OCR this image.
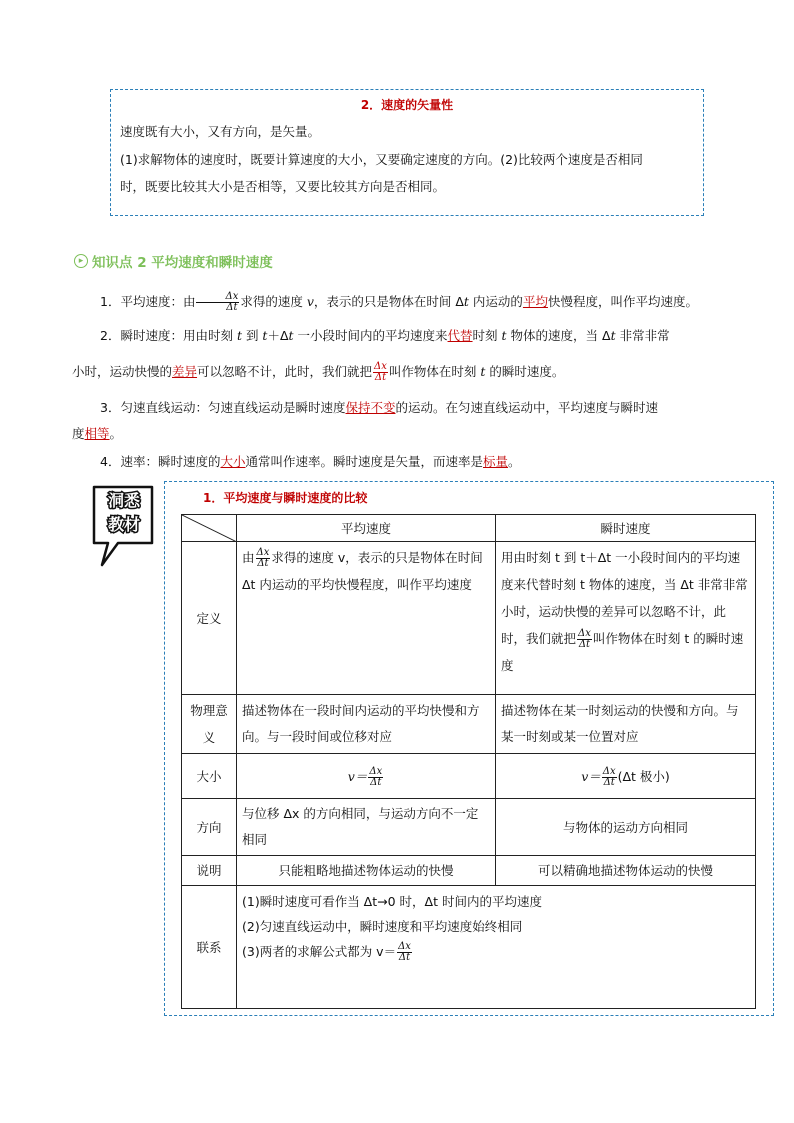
2．速度的矢量性
速度既有大小，又有方向，是矢量。
(1)求解物体的速度时，既要计算速度的大小，又要确定速度的方向。(2)比较两个速度是否相同
时，既要比较其大小是否相等，又要比较其方向是否相同。
▸ 知识点 2 平均速度和瞬时速度
1．平均速度：由 $\frac{\Delta x}{\Delta t}$ 求得的速度 v，表示的只是物体在时间 Δt 内运动的平均快慢程度，叫作平均速度。
2．瞬时速度：用由时刻 t 到 t＋Δt 一小段时间内的平均速度来代替时刻 t 物体的速度，当 Δt 非常非常
小时，运动快慢的差异可以忽略不计，此时，我们就把 $\frac{\Delta x}{\Delta t}$ 叫作物体在时刻 t 的瞬时速度。
3．匀速直线运动：匀速直线运动是瞬时速度保持不变的运动。在匀速直线运动中，平均速度与瞬时速
度相等。
4．速率：瞬时速度的大小通常叫作速率。瞬时速度是矢量，而速率是标量。
洞悉
教材
1．平均速度与瞬时速度的比较
	平均速度	瞬时速度
定义	由 $\frac{\Delta x}{\Delta t}$ 求得的速度 v，表示的只是物体在时间 Δt 内运动的平均快慢程度，叫作平均速度	用由时刻 t 到 t＋Δt 一小段时间内的平均速度来代替时刻 t 物体的速度，当 Δt 非常非常小时，运动快慢的差异可以忽略不计，此时，我们就把 $\frac{\Delta x}{\Delta t}$ 叫作物体在时刻 t 的瞬时速度
物理意义	描述物体在一段时间内运动的平均快慢和方向。与一段时间或位移对应	描述物体在某一时刻运动的快慢和方向。与某一时刻或某一位置对应
大小	$v= \frac{\Delta x}{\Delta t}$	$v= \frac{\Delta x}{\Delta t} (\Delta t$ 极小)
方向	与位移 Δx 的方向相同，与运动方向不一定相同	与物体的运动方向相同
说明	只能粗略地描述物体运动的快慢	可以精确地描述物体运动的快慢
联系	(1)瞬时速度可看作当 Δt→0 时，Δt 时间内的平均速度
(2)匀速直线运动中，瞬时速度和平均速度始终相同
(3)两者的求解公式都为 $v= \frac{\Delta x}{\Delta t}$
